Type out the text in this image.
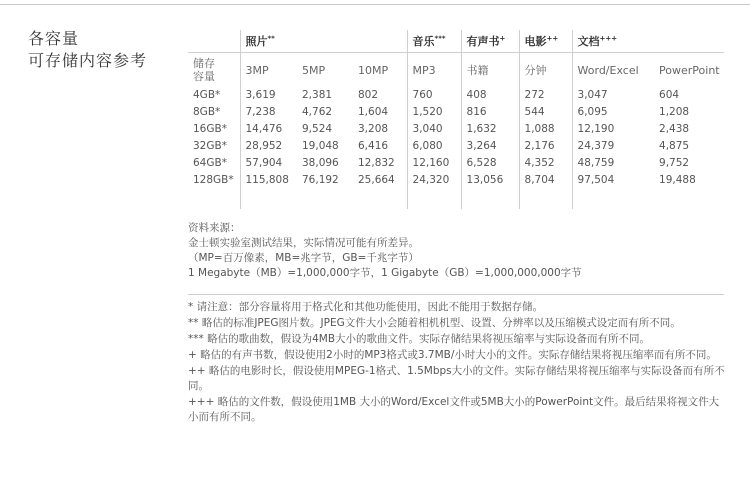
各容量
可存储内容参考
	照片**			音乐***	有声书+	电影++	文档+++

储存
容量	3MP	5MP	10MP	MP3	书籍	分钟	Word/Excel	PowerPoint
4GB*	3,619	2,381	802	760	408	272	3,047	604
8GB*	7,238	4,762	1,604	1,520	816	544	6,095	1,208
16GB*	14,476	9,524	3,208	3,040	1,632	1,088	12,190	2,438
32GB*	28,952	19,048	6,416	6,080	3,264	2,176	24,379	4,875
64GB*	57,904	38,096	12,832	12,160	6,528	4,352	48,759	9,752
128GB*	115,808	76,192	25,664	24,320	13,056	8,704	97,504	19,488

资料来源：
金士顿实验室测试结果，实际情况可能有所差异。
（MP=百万像素，MB=兆字节，GB=千兆字节）
1 Megabyte（MB）=1,000,000字节，1 Gigabyte（GB）=1,000,000,000字节

* 请注意：部分容量将用于格式化和其他功能使用，因此不能用于数据存储。

** 略估的标准JPEG图片数。JPEG文件大小会随着相机机型、设置、分辨率以及压缩模式设定而有所不同。

*** 略估的歌曲数，假设为4MB大小的歌曲文件。实际存储结果将视压缩率与实际设备而有所不同。

+ 略估的有声书数，假设使用2小时的MP3格式或3.7MB/小时大小的文件。实际存储结果将视压缩率而有所不同。

++ 略估的电影时长，假设使用MPEG-1格式、1.5Mbps大小的文件。实际存储结果将视压缩率与实际设备而有所不同。

+++ 略估的文件数，假设使用1MB 大小的Word/Excel文件或5MB大小的PowerPoint文件。最后结果将视文件大小而有所不同。
